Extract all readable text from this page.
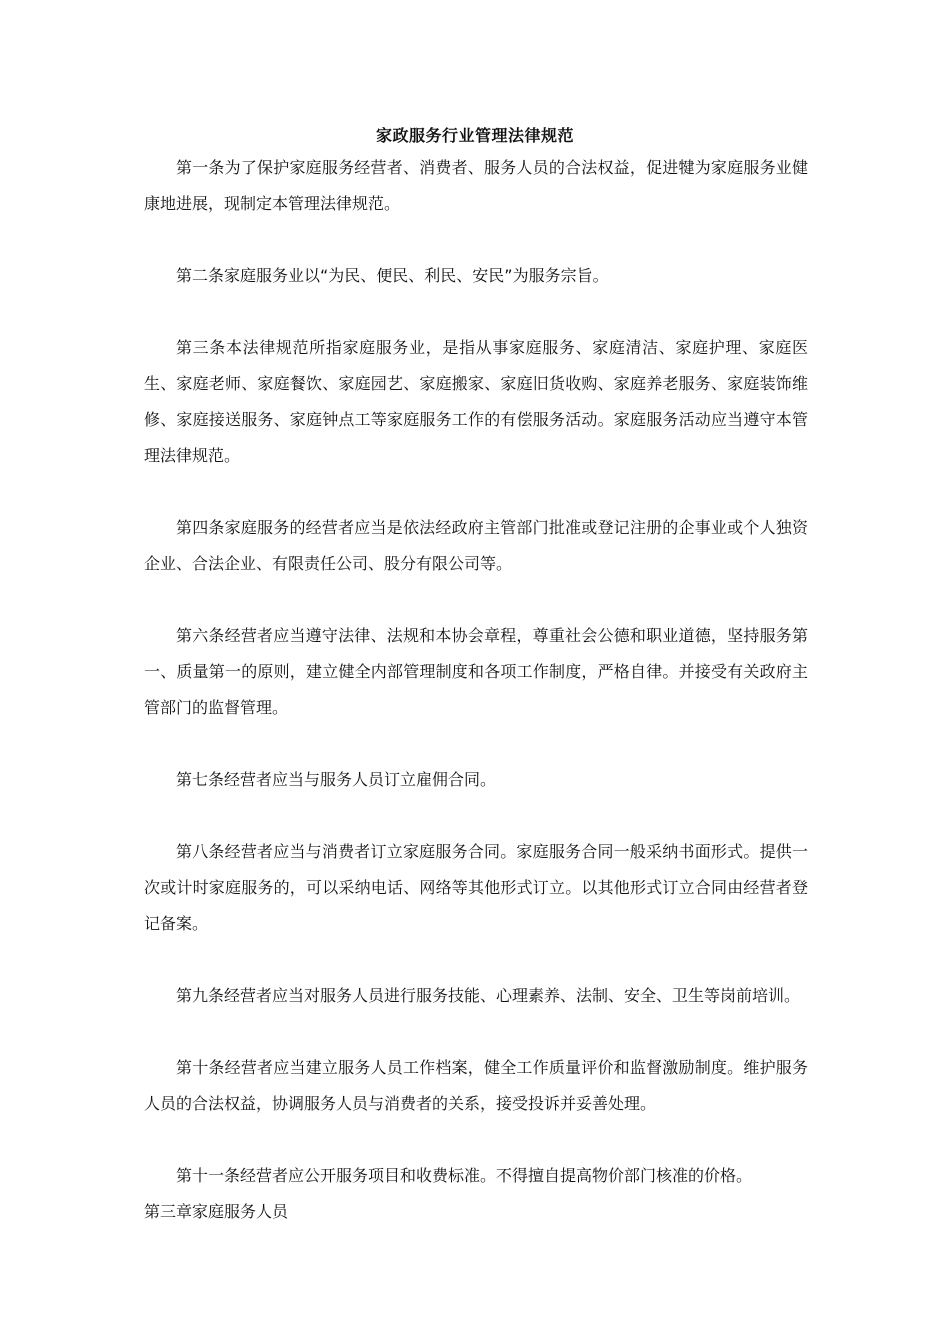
家政服务行业管理法律规范

第一条为了保护家庭服务经营者、消费者、服务人员的合法权益，促进犍为家庭服务业健康地进展，现制定本管理法律规范。

第二条家庭服务业以“为民、便民、利民、安民”为服务宗旨。

第三条本法律规范所指家庭服务业，是指从事家庭服务、家庭清洁、家庭护理、家庭医生、家庭老师、家庭餐饮、家庭园艺、家庭搬家、家庭旧货收购、家庭养老服务、家庭装饰维修、家庭接送服务、家庭钟点工等家庭服务工作的有偿服务活动。家庭服务活动应当遵守本管理法律规范。

第四条家庭服务的经营者应当是依法经政府主管部门批准或登记注册的企事业或个人独资企业、合法企业、有限责任公司、股分有限公司等。

第六条经营者应当遵守法律、法规和本协会章程，尊重社会公德和职业道德，坚持服务第一、质量第一的原则，建立健全内部管理制度和各项工作制度，严格自律。并接受有关政府主管部门的监督管理。

第七条经营者应当与服务人员订立雇佣合同。

第八条经营者应当与消费者订立家庭服务合同。家庭服务合同一般采纳书面形式。提供一次或计时家庭服务的，可以采纳电话、网络等其他形式订立。以其他形式订立合同由经营者登记备案。

第九条经营者应当对服务人员进行服务技能、心理素养、法制、安全、卫生等岗前培训。

第十条经营者应当建立服务人员工作档案，健全工作质量评价和监督激励制度。维护服务人员的合法权益，协调服务人员与消费者的关系，接受投诉并妥善处理。

第十一条经营者应公开服务项目和收费标准。不得擅自提高物价部门核准的价格。

第三章家庭服务人员
